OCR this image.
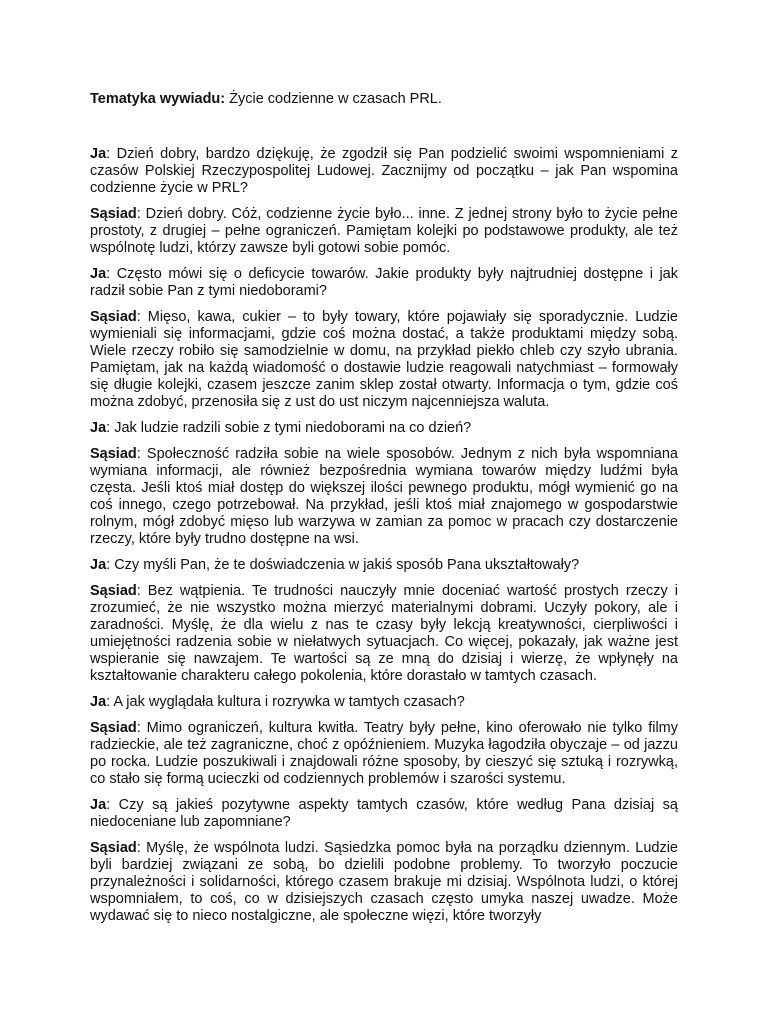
Tematyka wywiadu: Życie codzienne w czasach PRL.

Ja: Dzień dobry, bardzo dziękuję, że zgodził się Pan podzielić swoimi wspomnieniami z czasów Polskiej Rzeczypospolitej Ludowej. Zacznijmy od początku – jak Pan wspomina codzienne życie w PRL?

Sąsiad: Dzień dobry. Cóż, codzienne życie było... inne. Z jednej strony było to życie pełne prostoty, z drugiej – pełne ograniczeń. Pamiętam kolejki po podstawowe produkty, ale też wspólnotę ludzi, którzy zawsze byli gotowi sobie pomóc.

Ja: Często mówi się o deficycie towarów. Jakie produkty były najtrudniej dostępne i jak radził sobie Pan z tymi niedoborami?

Sąsiad: Mięso, kawa, cukier – to były towary, które pojawiały się sporadycznie. Ludzie wymieniali się informacjami, gdzie coś można dostać, a także produktami między sobą. Wiele rzeczy robiło się samodzielnie w domu, na przykład piekło chleb czy szyło ubrania. Pamiętam, jak na każdą wiadomość o dostawie ludzie reagowali natychmiast – formowały się długie kolejki, czasem jeszcze zanim sklep został otwarty. Informacja o tym, gdzie coś można zdobyć, przenosiła się z ust do ust niczym najcenniejsza waluta.

Ja: Jak ludzie radzili sobie z tymi niedoborami na co dzień?

Sąsiad: Społeczność radziła sobie na wiele sposobów. Jednym z nich była wspomniana wymiana informacji, ale również bezpośrednia wymiana towarów między ludźmi była częsta. Jeśli ktoś miał dostęp do większej ilości pewnego produktu, mógł wymienić go na coś innego, czego potrzebował. Na przykład, jeśli ktoś miał znajomego w gospodarstwie rolnym, mógł zdobyć mięso lub warzywa w zamian za pomoc w pracach czy dostarczenie rzeczy, które były trudno dostępne na wsi.

Ja: Czy myśli Pan, że te doświadczenia w jakiś sposób Pana ukształtowały?

Sąsiad: Bez wątpienia. Te trudności nauczyły mnie doceniać wartość prostych rzeczy i zrozumieć, że nie wszystko można mierzyć materialnymi dobrami. Uczyły pokory, ale i zaradności. Myślę, że dla wielu z nas te czasy były lekcją kreatywności, cierpliwości i umiejętności radzenia sobie w niełatwych sytuacjach. Co więcej, pokazały, jak ważne jest wspieranie się nawzajem. Te wartości są ze mną do dzisiaj i wierzę, że wpłynęły na kształtowanie charakteru całego pokolenia, które dorastało w tamtych czasach.

Ja: A jak wyglądała kultura i rozrywka w tamtych czasach?

Sąsiad: Mimo ograniczeń, kultura kwitła. Teatry były pełne, kino oferowało nie tylko filmy radzieckie, ale też zagraniczne, choć z opóźnieniem. Muzyka łagodziła obyczaje – od jazzu po rocka. Ludzie poszukiwali i znajdowali różne sposoby, by cieszyć się sztuką i rozrywką, co stało się formą ucieczki od codziennych problemów i szarości systemu.

Ja: Czy są jakieś pozytywne aspekty tamtych czasów, które według Pana dzisiaj są niedoceniane lub zapomniane?

Sąsiad: Myślę, że wspólnota ludzi. Sąsiedzka pomoc była na porządku dziennym. Ludzie byli bardziej związani ze sobą, bo dzielili podobne problemy. To tworzyło poczucie przynależności i solidarności, którego czasem brakuje mi dzisiaj. Wspólnota ludzi, o której wspomniałem, to coś, co w dzisiejszych czasach często umyka naszej uwadze. Może wydawać się to nieco nostalgiczne, ale społeczne więzi, które tworzyły
